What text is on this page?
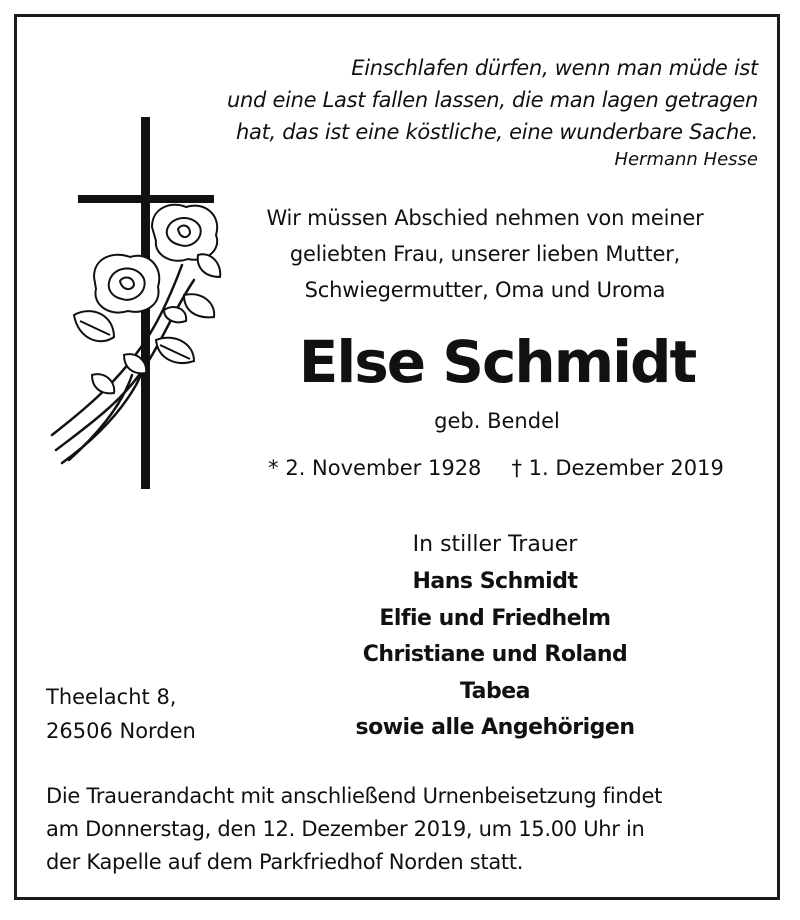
Einschlafen dürfen, wenn man müde ist
und eine Last fallen lassen, die man lagen getragen
hat, das ist eine köstliche, eine wunderbare Sache.
Hermann Hesse
Wir müssen Abschied nehmen von meiner
geliebten Frau, unserer lieben Mutter,
Schwiegermutter, Oma und Uroma
Else Schmidt
geb. Bendel
* 2. November 1928 † 1. Dezember 2019
In stiller Trauer
Hans Schmidt
Elfie und Friedhelm
Christiane und Roland
Tabea
sowie alle Angehörigen
Theelacht 8,
26506 Norden
Die Trauerandacht mit anschließend Urnenbeisetzung findet
am Donnerstag, den 12. Dezember 2019, um 15.00 Uhr in
der Kapelle auf dem Parkfriedhof Norden statt.
